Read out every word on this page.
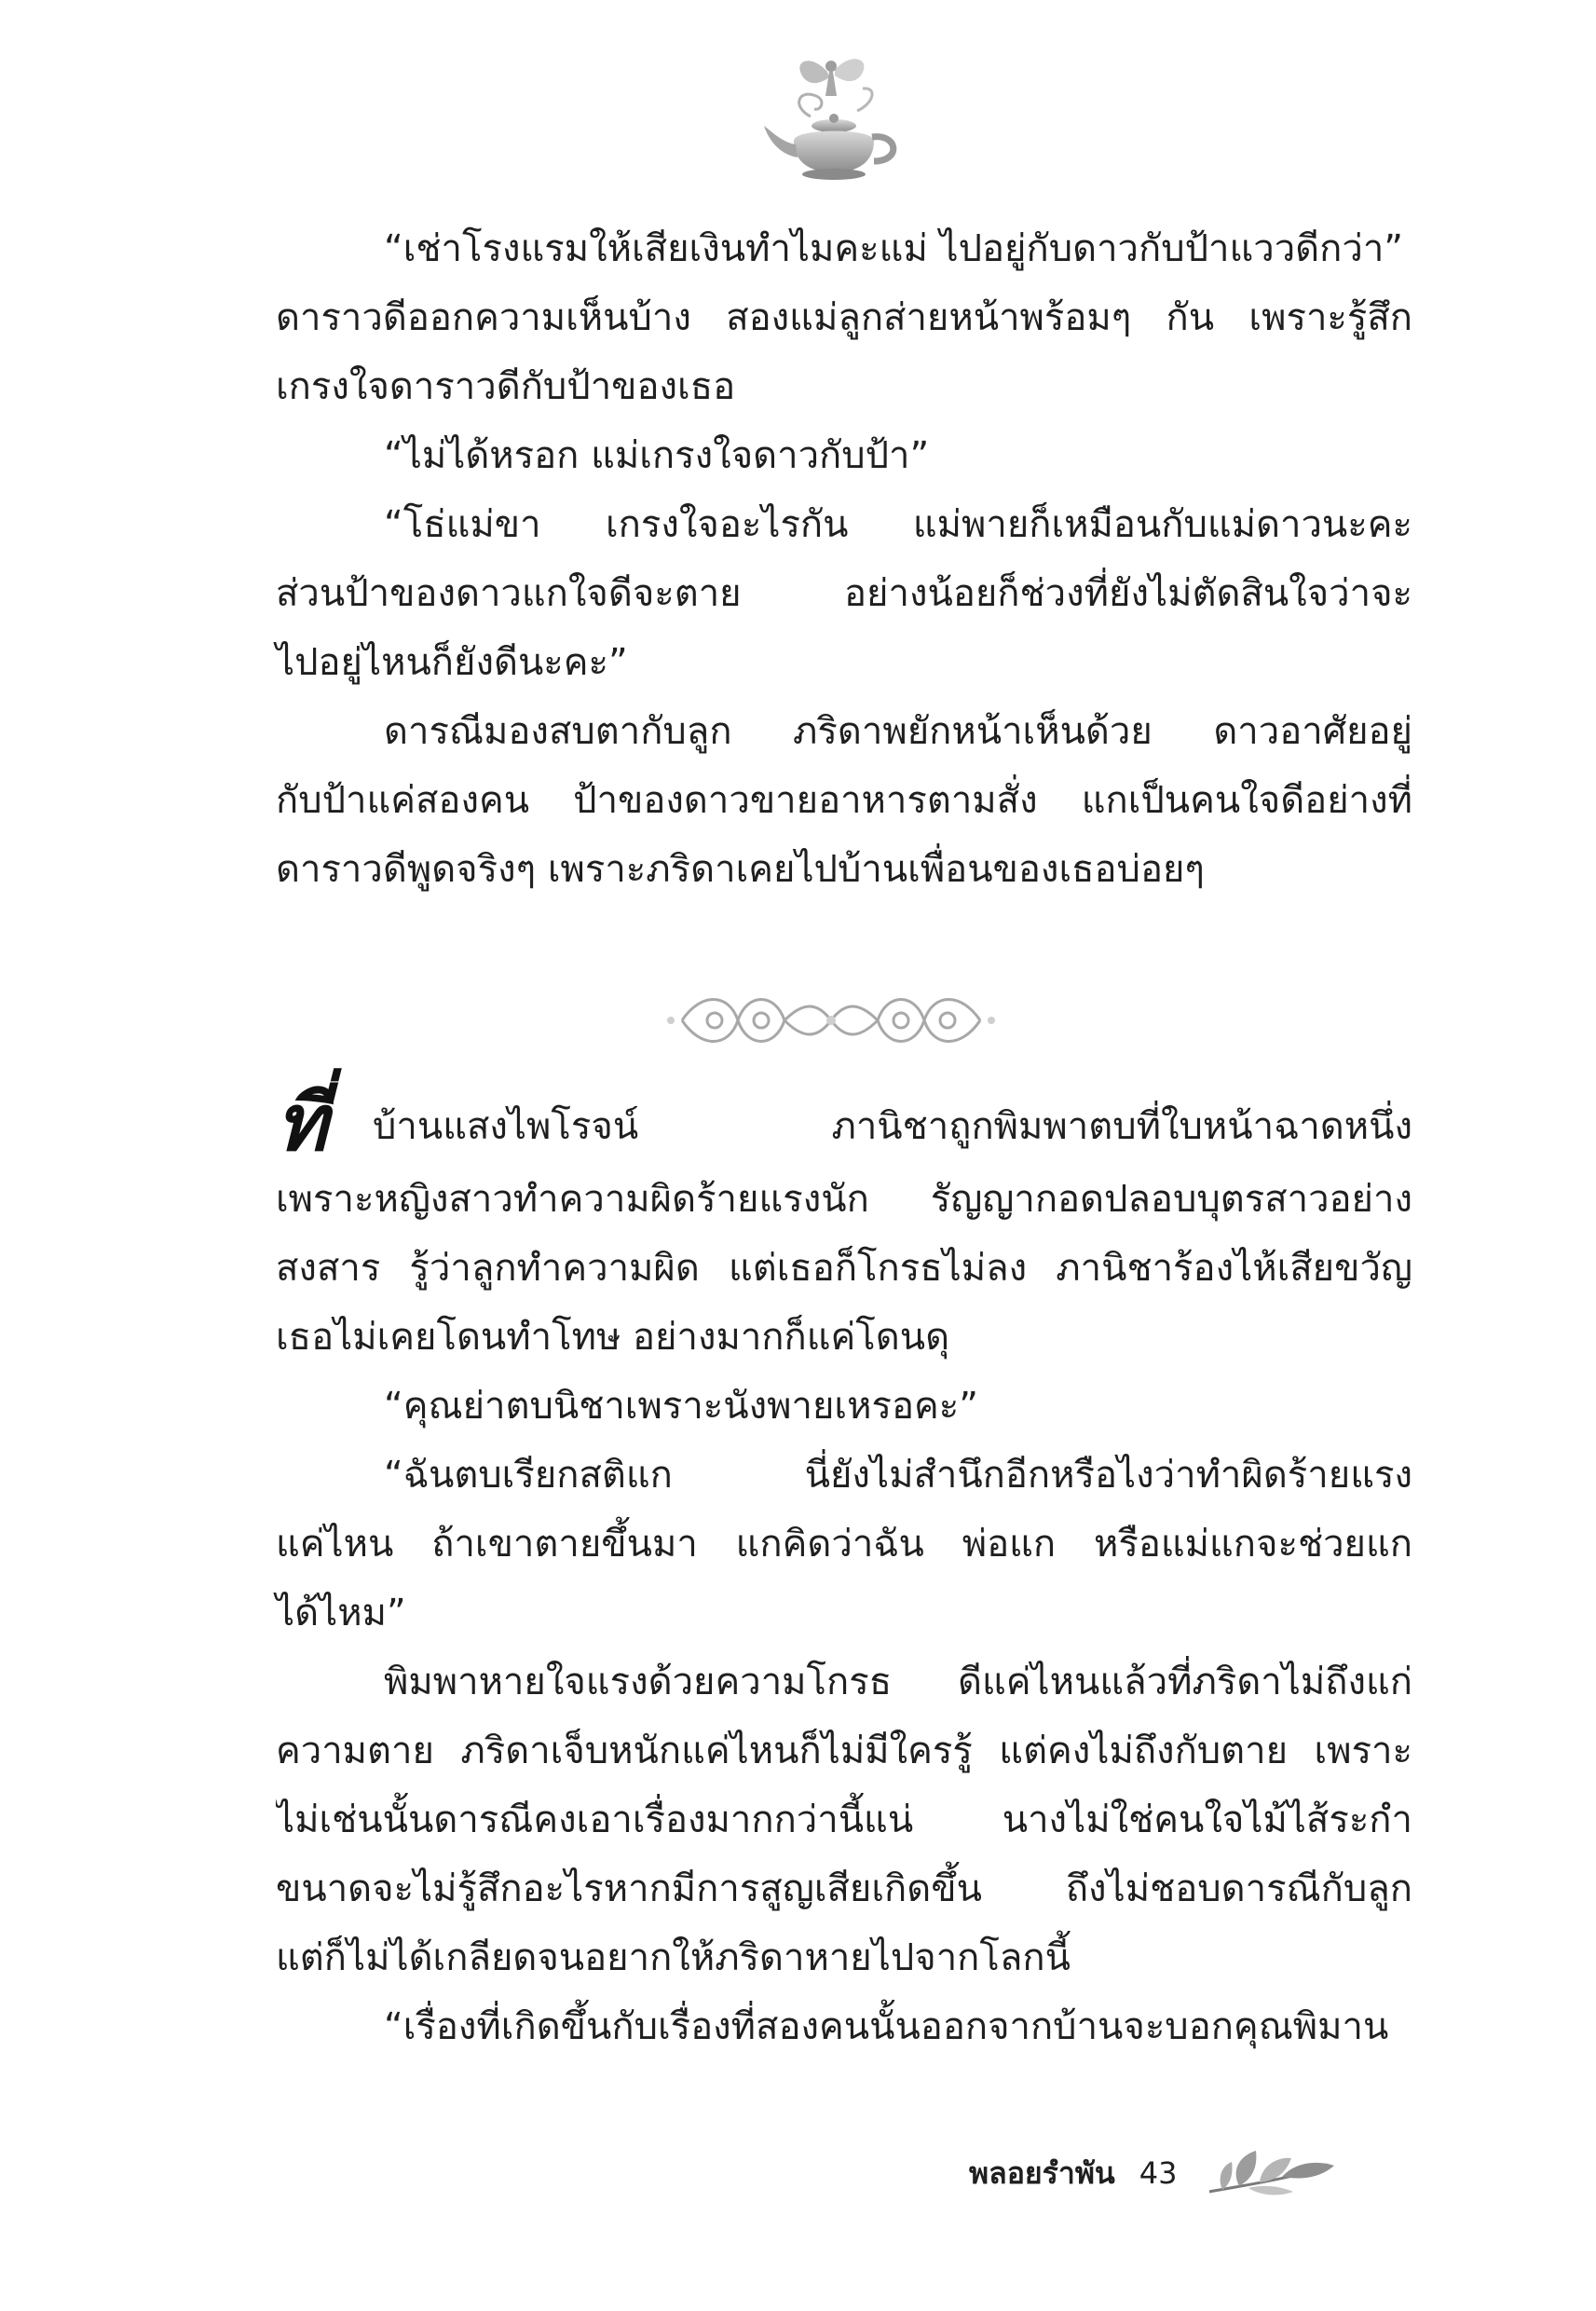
“เช่าโรงแรมให้เสียเงินทำไมคะแม่ ไปอยู่กับดาวกับป้าแววดีกว่า”
ดาราวดีออกความเห็นบ้าง สองแม่ลูกส่ายหน้าพร้อมๆ กัน เพราะรู้สึก
เกรงใจดาราวดีกับป้าของเธอ
“ไม่ได้หรอก แม่เกรงใจดาวกับป้า”
“โธ่แม่ขา เกรงใจอะไรกัน แม่พายก็เหมือนกับแม่ดาวนะคะ
ส่วนป้าของดาวแกใจดีจะตาย อย่างน้อยก็ช่วงที่ยังไม่ตัดสินใจว่าจะ
ไปอยู่ไหนก็ยังดีนะคะ”
ดารณีมองสบตากับลูก ภริดาพยักหน้าเห็นด้วย ดาวอาศัยอยู่
กับป้าแค่สองคน ป้าของดาวขายอาหารตามสั่ง แกเป็นคนใจดีอย่างที่
ดาราวดีพูดจริงๆ เพราะภริดาเคยไปบ้านเพื่อนของเธอบ่อยๆ
ที่ บ้านแสงไพโรจน์ ภานิชาถูกพิมพาตบที่ใบหน้าฉาดหนึ่ง
เพราะหญิงสาวทำความผิดร้ายแรงนัก รัญญากอดปลอบบุตรสาวอย่าง
สงสาร รู้ว่าลูกทำความผิด แต่เธอก็โกรธไม่ลง ภานิชาร้องไห้เสียขวัญ
เธอไม่เคยโดนทำโทษ อย่างมากก็แค่โดนดุ
“คุณย่าตบนิชาเพราะนังพายเหรอคะ”
“ฉันตบเรียกสติแก นี่ยังไม่สำนึกอีกหรือไงว่าทำผิดร้ายแรง
แค่ไหน ถ้าเขาตายขึ้นมา แกคิดว่าฉัน พ่อแก หรือแม่แกจะช่วยแก
ได้ไหม”
พิมพาหายใจแรงด้วยความโกรธ ดีแค่ไหนแล้วที่ภริดาไม่ถึงแก่
ความตาย ภริดาเจ็บหนักแค่ไหนก็ไม่มีใครรู้ แต่คงไม่ถึงกับตาย เพราะ
ไม่เช่นนั้นดารณีคงเอาเรื่องมากกว่านี้แน่ นางไม่ใช่คนใจไม้ไส้ระกำ
ขนาดจะไม่รู้สึกอะไรหากมีการสูญเสียเกิดขึ้น ถึงไม่ชอบดารณีกับลูก
แต่ก็ไม่ได้เกลียดจนอยากให้ภริดาหายไปจากโลกนี้
“เรื่องที่เกิดขึ้นกับเรื่องที่สองคนนั้นออกจากบ้านจะบอกคุณพิมาน
พลอยรำพัน 43
